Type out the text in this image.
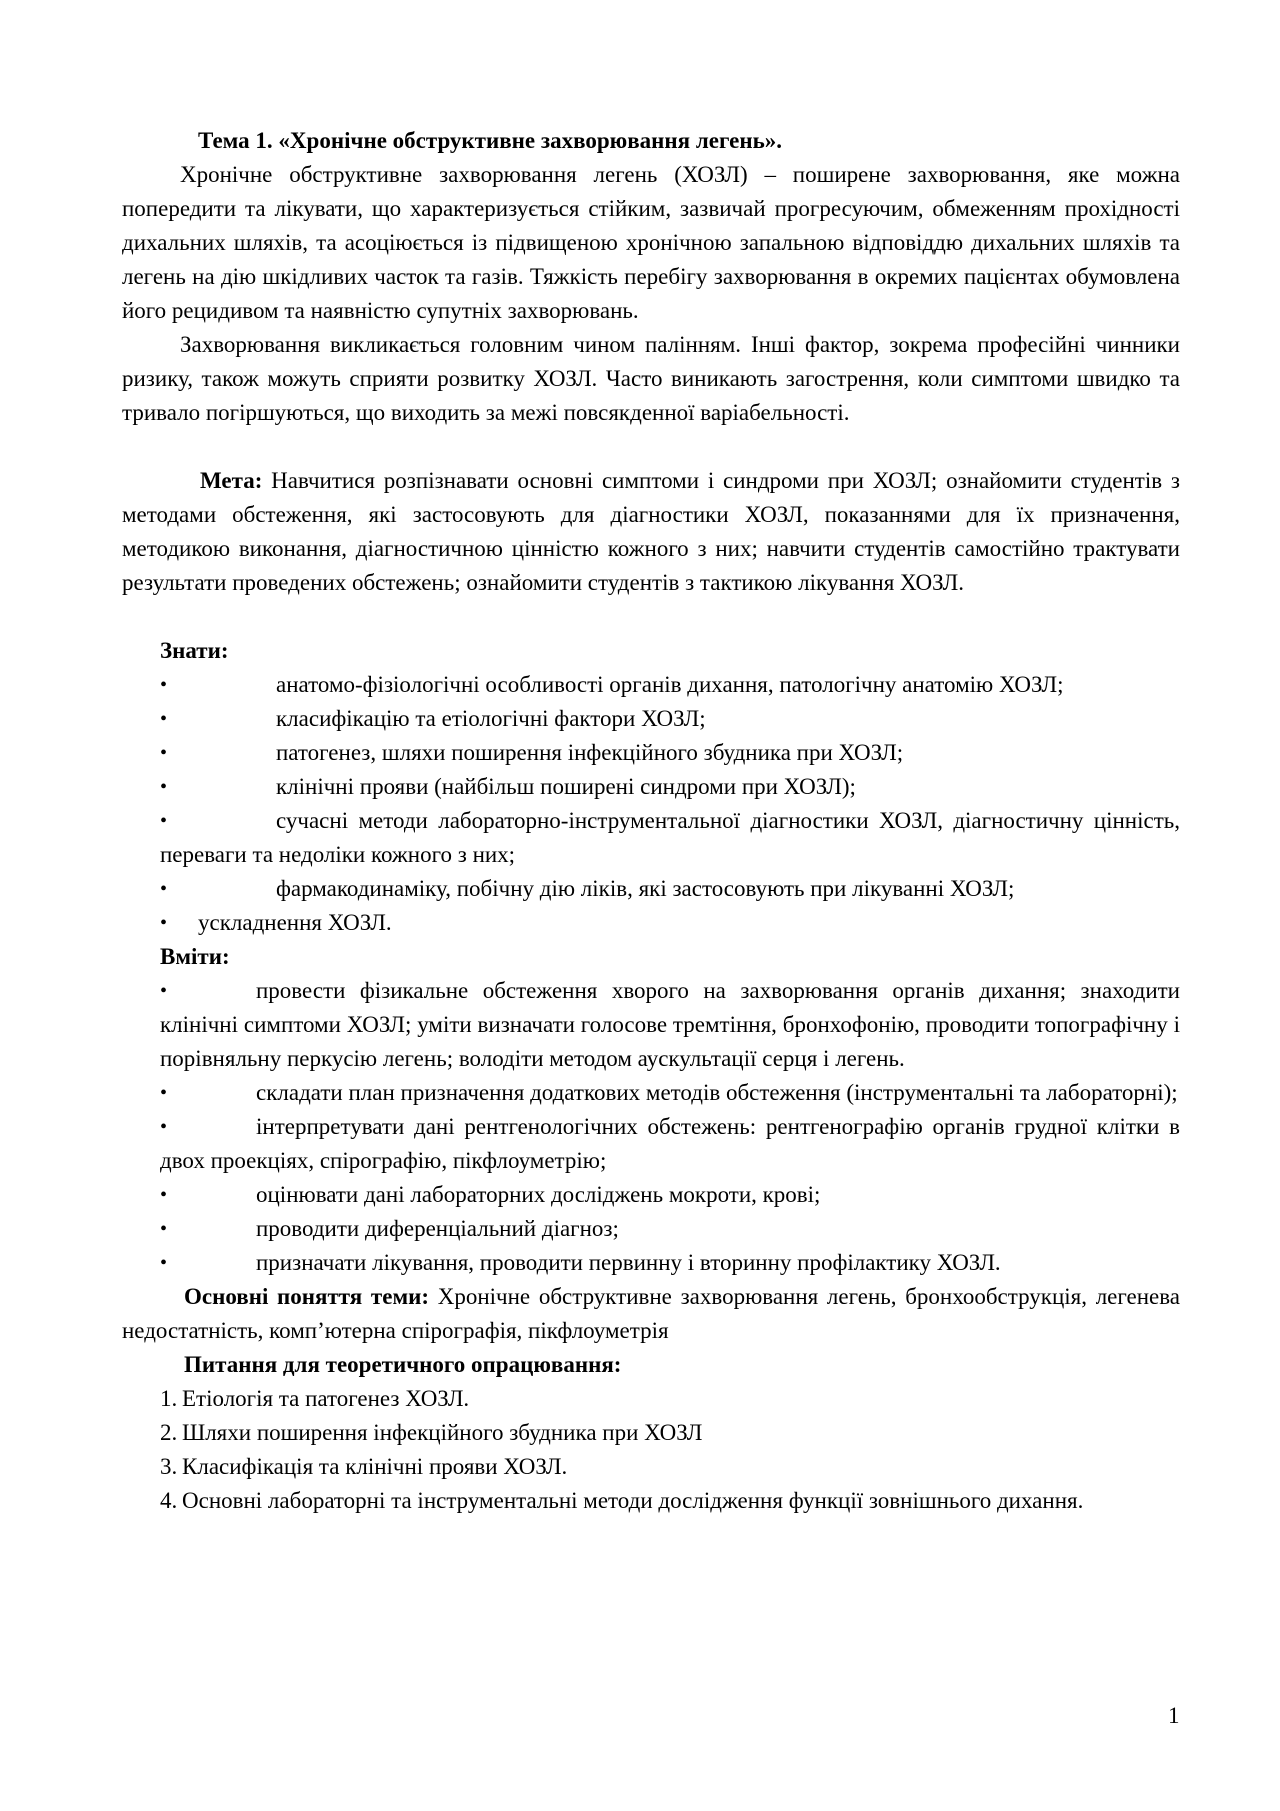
Тема 1. «Хронічне обструктивне захворювання легень».

Хронічне обструктивне захворювання легень (ХОЗЛ) – поширене захворювання, яке можна попередити та лікувати, що характеризується стійким, зазвичай прогресуючим, обмеженням прохідності дихальних шляхів, та асоціюється із підвищеною хронічною запальною відповіддю дихальних шляхів та легень на дію шкідливих часток та газів. Тяжкість перебігу захворювання в окремих пацієнтах обумовлена його рецидивом та наявністю супутніх захворювань.

Захворювання викликається головним чином палінням. Інші фактор, зокрема професійні чинники ризику, також можуть сприяти розвитку ХОЗЛ. Часто виникають загострення, коли симптоми швидко та тривало погіршуються, що виходить за межі повсякденної варіабельності.

Мета: Навчитися розпізнавати основні симптоми і синдроми при ХОЗЛ; ознайомити студентів з методами обстеження, які застосовують для діагностики ХОЗЛ, показаннями для їх призначення, методикою виконання, діагностичною цінністю кожного з них; навчити студентів самостійно трактувати результати проведених обстежень; ознайомити студентів з тактикою лікування ХОЗЛ.

Знати:

•	анатомо-фізіологічні особливості органів дихання, патологічну анатомію ХОЗЛ;
•	класифікацію та етіологічні фактори ХОЗЛ;
•	патогенез, шляхи поширення інфекційного збудника при ХОЗЛ;
•	клінічні прояви (найбільш поширені синдроми при ХОЗЛ);
•	сучасні методи лабораторно-інструментальної діагностики ХОЗЛ, діагностичну цінність, переваги та недоліки кожного з них;
•	фармакодинаміку, побічну дію ліків, які застосовують при лікуванні ХОЗЛ;
•	ускладнення ХОЗЛ.

Вміти:

•	провести фізикальне обстеження хворого на захворювання органів дихання; знаходити клінічні симптоми ХОЗЛ; уміти визначати голосове тремтіння, бронхофонію, проводити топографічну і порівняльну перкусію легень; володіти методом аускультації серця і легень.
•	складати план призначення додаткових методів обстеження (інструментальні та лабораторні);
•	інтерпретувати дані рентгенологічних обстежень: рентгенографію органів грудної клітки в двох проекціях, спірографію, пікфлоуметрію;
•	оцінювати дані лабораторних досліджень мокроти, крові;
•	проводити диференціальний діагноз;
•	призначати лікування, проводити первинну і вторинну профілактику ХОЗЛ.

Основні поняття теми: Хронічне обструктивне захворювання легень, бронхообструкція, легенева недостатність, комп’ютерна спірографія, пікфлоуметрія

Питання для теоретичного опрацювання:

1. Етіологія та патогенез ХОЗЛ.
2. Шляхи поширення інфекційного збудника при ХОЗЛ
3. Класифікація та клінічні прояви ХОЗЛ.
4. Основні лабораторні та інструментальні методи дослідження функції зовнішнього дихання.
1
